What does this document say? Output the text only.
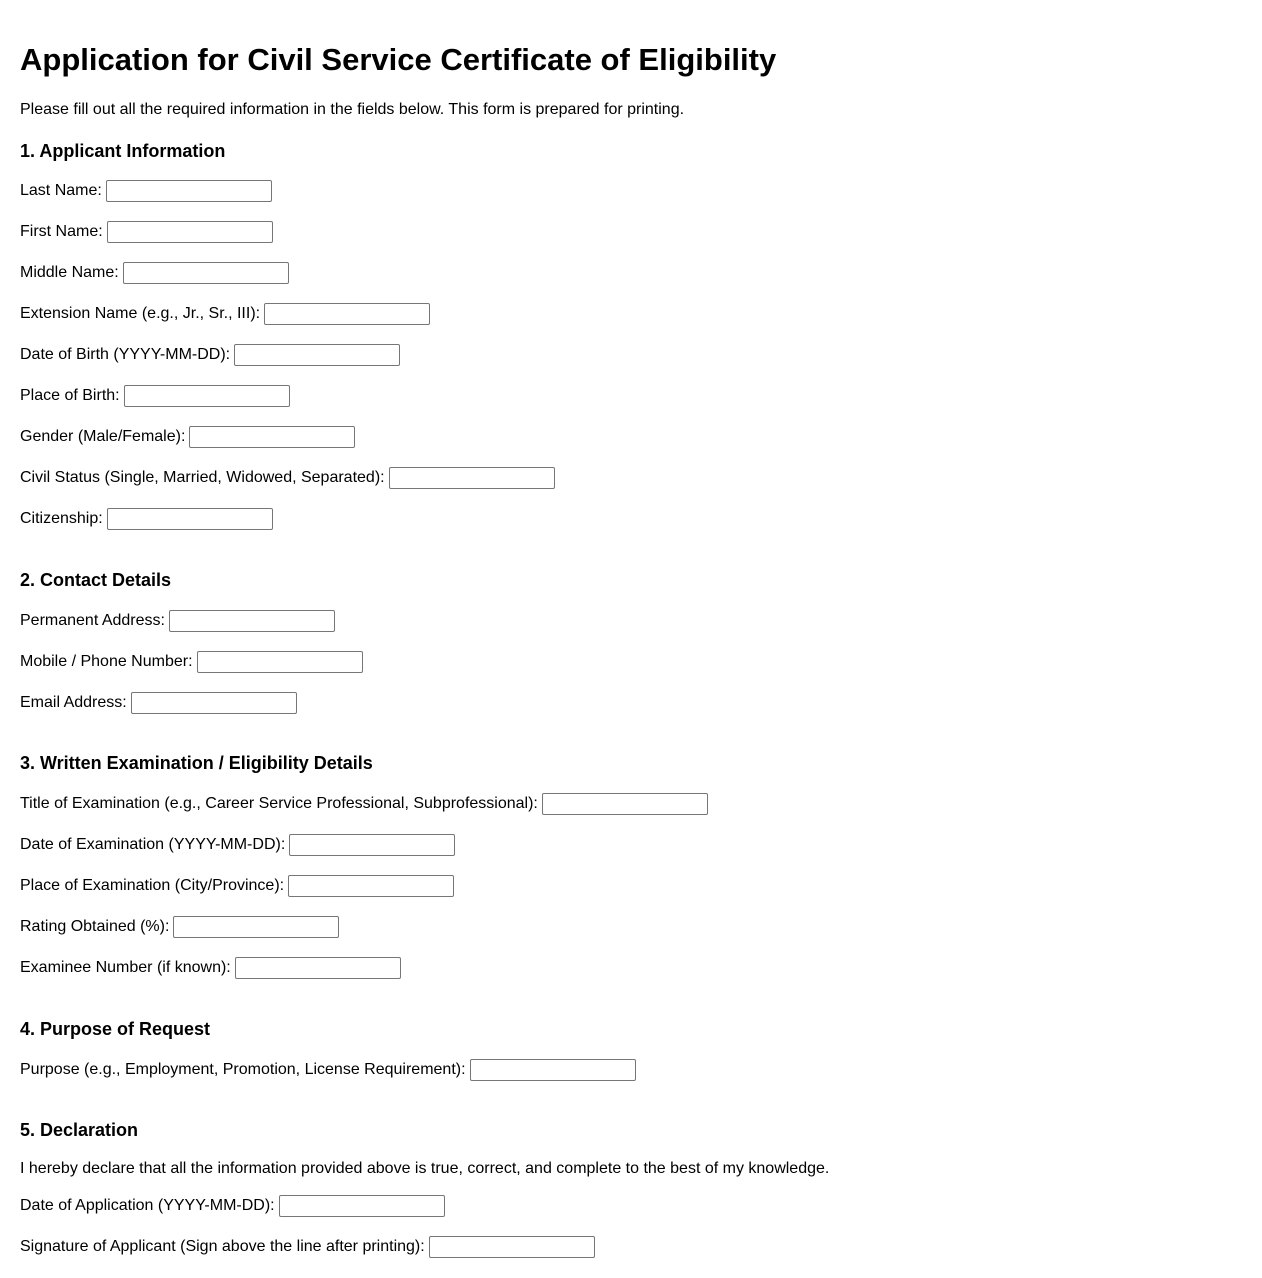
Application for Civil Service Certificate of Eligibility

Please fill out all the required information in the fields below. This form is prepared for printing.

1. Applicant Information
Last Name:
First Name:
Middle Name:
Extension Name (e.g., Jr., Sr., III):
Date of Birth (YYYY-MM-DD):
Place of Birth:
Gender (Male/Female):
Civil Status (Single, Married, Widowed, Separated):
Citizenship:
2. Contact Details
Permanent Address:
Mobile / Phone Number:
Email Address:
3. Written Examination / Eligibility Details
Title of Examination (e.g., Career Service Professional, Subprofessional):
Date of Examination (YYYY-MM-DD):
Place of Examination (City/Province):
Rating Obtained (%):
Examinee Number (if known):
4. Purpose of Request
Purpose (e.g., Employment, Promotion, License Requirement):
5. Declaration

I hereby declare that all the information provided above is true, correct, and complete to the best of my knowledge.

Date of Application (YYYY-MM-DD):
Signature of Applicant (Sign above the line after printing):
